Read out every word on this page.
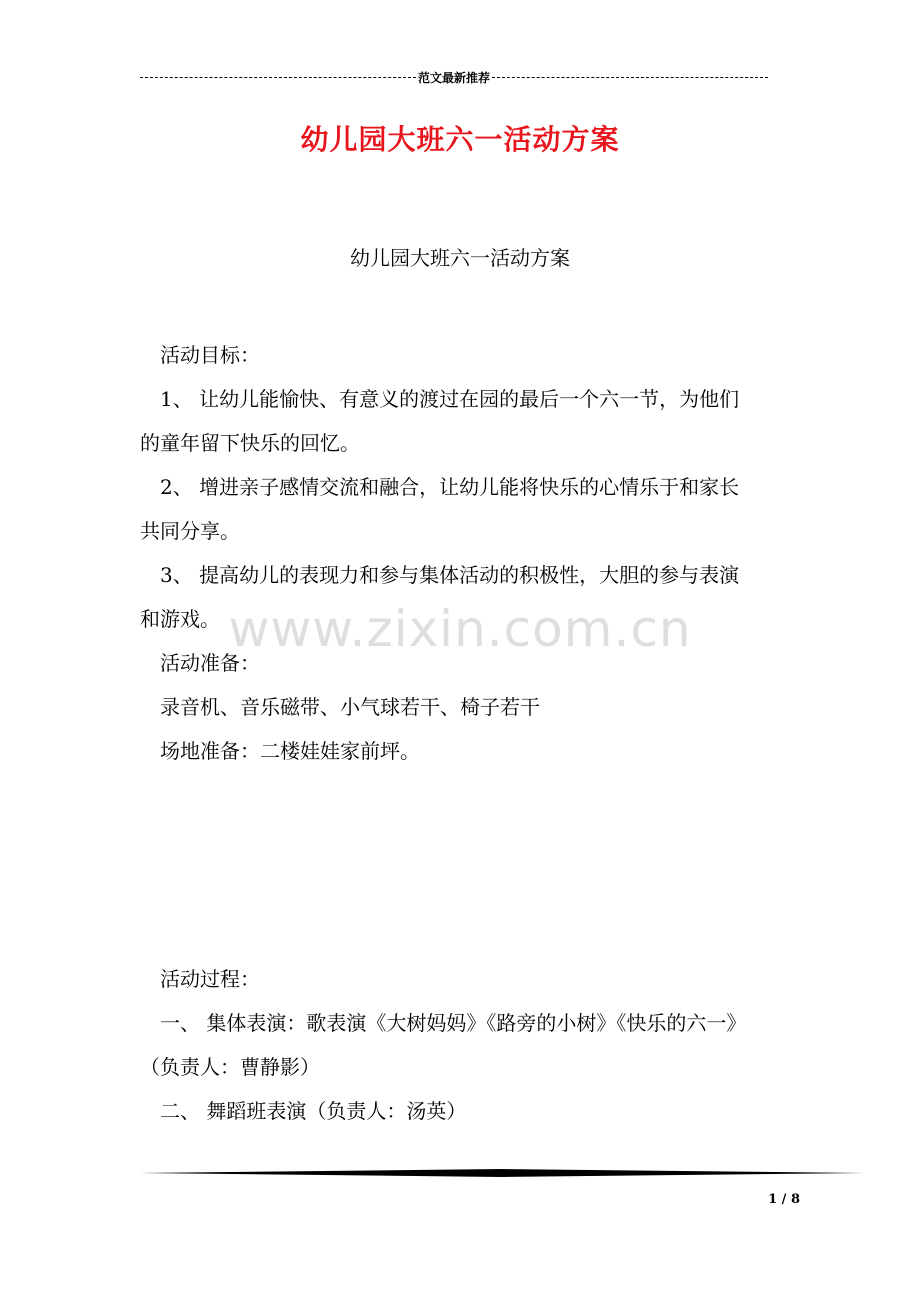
范文最新推荐
幼儿园大班六一活动方案
幼儿园大班六一活动方案
www.zixin.com.cn

活动目标：

1、 让幼儿能愉快、有意义的渡过在园的最后一个六一节，为他们

的童年留下快乐的回忆。

2、 增进亲子感情交流和融合，让幼儿能将快乐的心情乐于和家长

共同分享。

3、 提高幼儿的表现力和参与集体活动的积极性，大胆的参与表演

和游戏。

活动准备：

录音机、音乐磁带、小气球若干、椅子若干

场地准备：二楼娃娃家前坪。

活动过程：

一、 集体表演：歌表演《大树妈妈》《路旁的小树》《快乐的六一》

（负责人：曹静影）

二、 舞蹈班表演（负责人：汤英）

1 / 8
